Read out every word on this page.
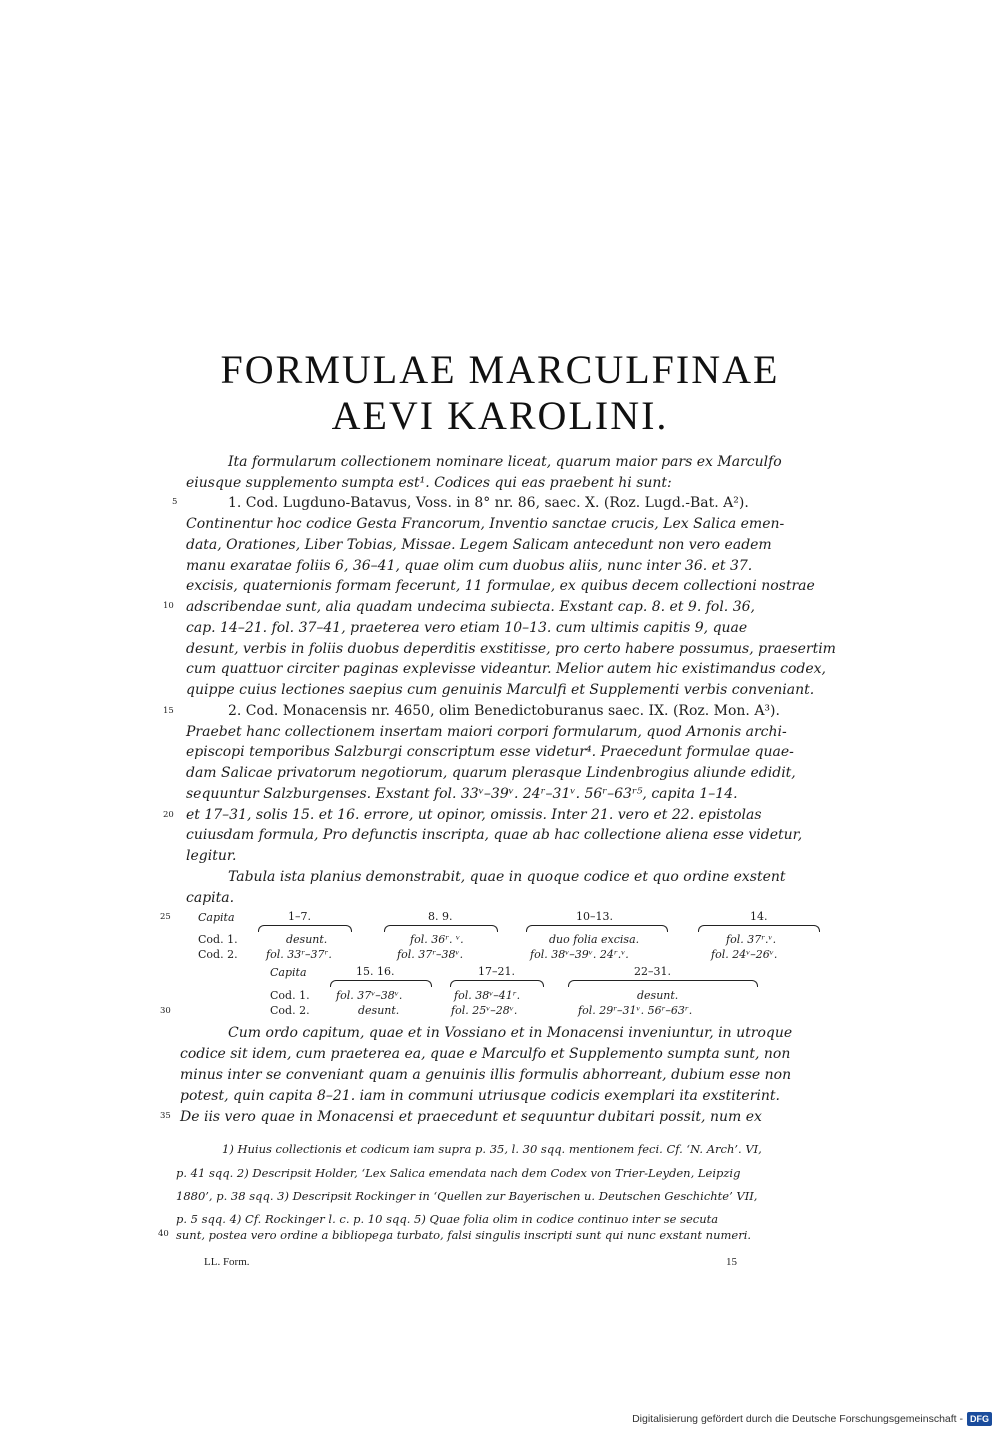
FORMULAE MARCULFINAE
AEVI KAROLINI.
5
10
15
20
25
30
35
40
Ita formularum collectionem nominare liceat, quarum maior pars ex Marculfo
eiusque supplemento sumpta est¹. Codices qui eas praebent hi sunt:
1. Cod. Lugduno-Batavus, Voss. in 8° nr. 86, saec. X. (Roz. Lugd.-Bat. A²).
Continentur hoc codice Gesta Francorum, Inventio sanctae crucis, Lex Salica emen-
data, Orationes, Liber Tobias, Missae. Legem Salicam antecedunt non vero eadem
manu exaratae foliis 6, 36–41, quae olim cum duobus aliis, nunc inter 36. et 37.
excisis, quaternionis formam fecerunt, 11 formulae, ex quibus decem collectioni nostrae
adscribendae sunt, alia quadam undecima subiecta. Exstant cap. 8. et 9. fol. 36,
cap. 14–21. fol. 37–41, praeterea vero etiam 10–13. cum ultimis capitis 9, quae
desunt, verbis in foliis duobus deperditis exstitisse, pro certo habere possumus, praesertim
cum quattuor circiter paginas explevisse videantur. Melior autem hic existimandus codex,
quippe cuius lectiones saepius cum genuinis Marculfi et Supplementi verbis conveniant.
2. Cod. Monacensis nr. 4650, olim Benedictoburanus saec. IX. (Roz. Mon. A³).
Praebet hanc collectionem insertam maiori corpori formularum, quod Arnonis archi-
episcopi temporibus Salzburgi conscriptum esse videtur⁴. Praecedunt formulae quae-
dam Salicae privatorum negotiorum, quarum plerasque Lindenbrogius aliunde edidit,
sequuntur Salzburgenses. Exstant fol. 33ᵛ–39ᵛ. 24ʳ–31ᵛ. 56ʳ–63ʳ⁵, capita 1–14.
et 17–31, solis 15. et 16. errore, ut opinor, omissis. Inter 21. vero et 22. epistolas
cuiusdam formula, Pro defunctis inscripta, quae ab hac collectione aliena esse videtur,
legitur.
Tabula ista planius demonstrabit, quae in quoque codice et quo ordine exstent
capita.
Capita
Cod. 1.
Cod. 2.
1–7.
desunt.
fol. 33ʳ–37ʳ.
8. 9.
fol. 36ʳ. ᵛ.
fol. 37ʳ–38ᵛ.
10–13.
duo folia excisa.
fol. 38ᵛ–39ᵛ. 24ʳ.ᵛ.
14.
fol. 37ʳ.ᵛ.
fol. 24ᵛ–26ᵛ.
Capita
Cod. 1.
Cod. 2.
15. 16.
fol. 37ᵛ–38ᵛ.
desunt.
17–21.
fol. 38ᵛ–41ʳ.
fol. 25ᵛ–28ᵛ.
22–31.
desunt.
fol. 29ʳ–31ᵛ. 56ʳ–63ʳ.
Cum ordo capitum, quae et in Vossiano et in Monacensi inveniuntur, in utroque
codice sit idem, cum praeterea ea, quae e Marculfo et Supplemento sumpta sunt, non
minus inter se conveniant quam a genuinis illis formulis abhorreant, dubium esse non
potest, quin capita 8–21. iam in communi utriusque codicis exemplari ita exstiterint.
De iis vero quae in Monacensi et praecedunt et sequuntur dubitari possit, num ex
1) Huius collectionis et codicum iam supra p. 35, l. 30 sqq. mentionem feci. Cf. ‘N. Arch’. VI,
p. 41 sqq. 2) Descripsit Holder, ‘Lex Salica emendata nach dem Codex von Trier-Leyden, Leipzig
1880’, p. 38 sqq. 3) Descripsit Rockinger in ‘Quellen zur Bayerischen u. Deutschen Geschichte’ VII,
p. 5 sqq. 4) Cf. Rockinger l. c. p. 10 sqq. 5) Quae folia olim in codice continuo inter se secuta
sunt, postea vero ordine a bibliopega turbato, falsi singulis inscripti sunt qui nunc exstant numeri.
LL. Form.	15
Digitalisierung gefördert durch die Deutsche Forschungsgemeinschaft - DFG
